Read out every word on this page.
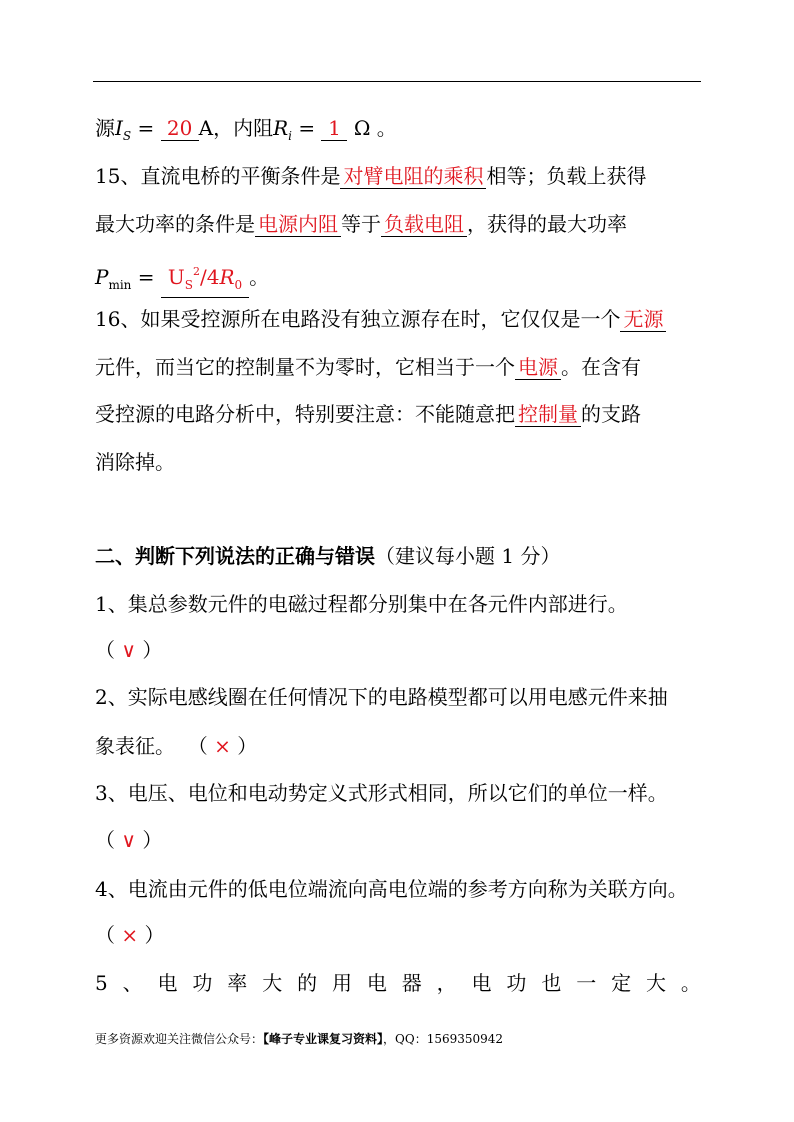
源$I_S = 20$ A，内阻$R_i = 1$ Ω 。
15、直流电桥的平衡条件是 对臂电阻的乘积 相等；负载上获得
最大功率的条件是 电源内阻 等于 负载电阻 ，获得的最大功率
$P_{min} = U_S^2/4R_0$ 。
16、如果受控源所在电路没有独立源存在时，它仅仅是一个 无源
元件，而当它的控制量不为零时，它相当于一个 电源 。在含有
受控源的电路分析中，特别要注意：不能随意把 控制量 的支路
消除掉。
二、判断下列说法的正确与错误（建议每小题 1 分）
1、集总参数元件的电磁过程都分别集中在各元件内部进行。
（ ∨ ）
2、实际电感线圈在任何情况下的电路模型都可以用电感元件来抽
象表征。  （ × ）
3、电压、电位和电动势定义式形式相同，所以它们的单位一样。
（ ∨ ）
4、电流由元件的低电位端流向高电位端的参考方向称为关联方向。
（ × ）
5 、 电 功 率 大 的 用 电 器 ， 电 功 也 一 定 大 。
更多资源欢迎关注微信公众号：【峰子专业课复习资料】，QQ：1569350942
